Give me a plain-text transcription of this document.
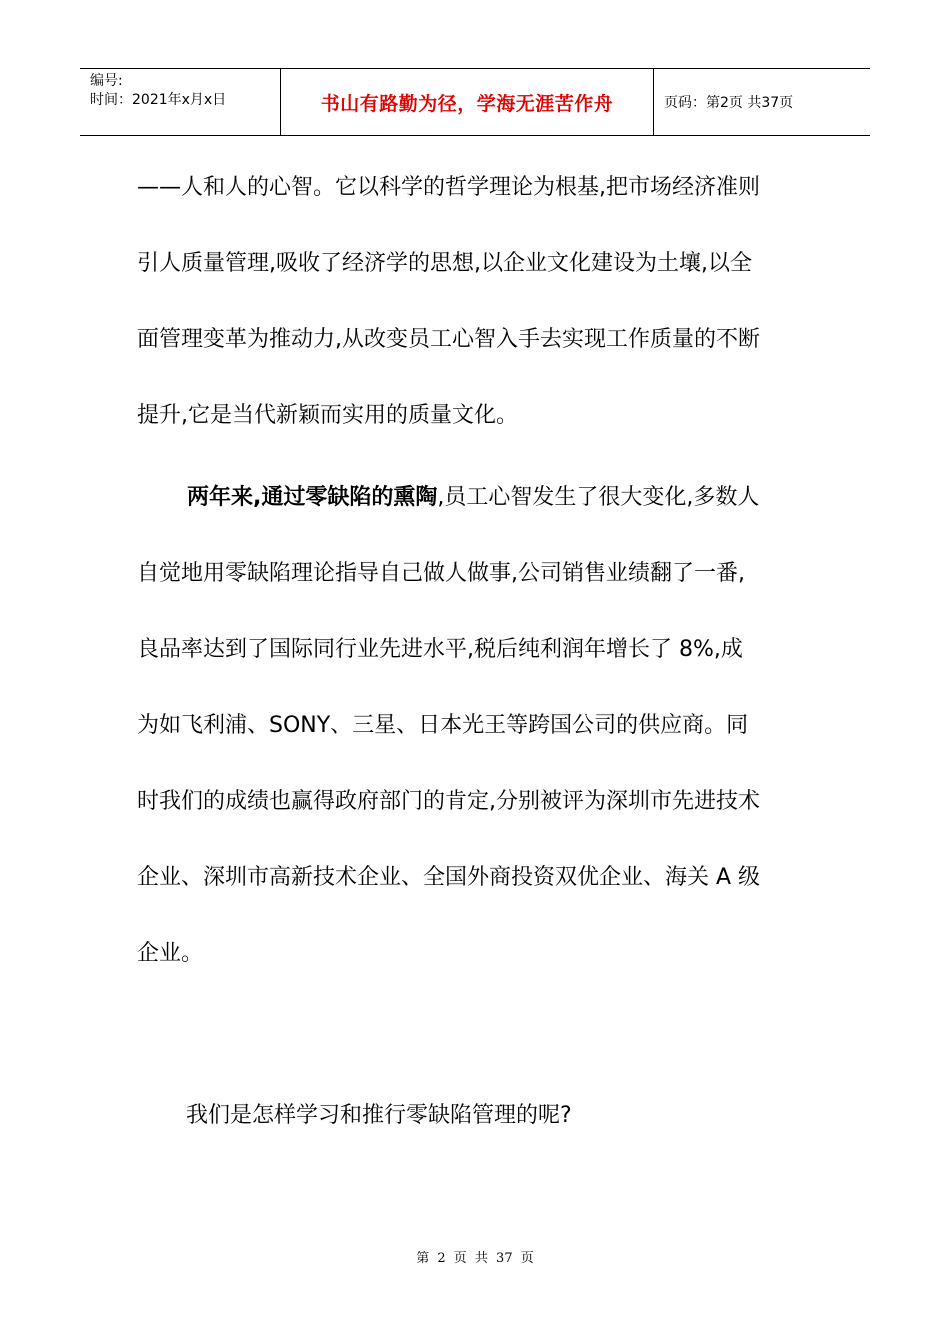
编号:
时间：2021年x月x日	书山有路勤为径，学海无涯苦作舟	页码：第2页 共37页
——人和人的心智。它以科学的哲学理论为根基,把市场经济准则
引人质量管理,吸收了经济学的思想,以企业文化建设为土壤,以全
面管理变革为推动力,从改变员工心智入手去实现工作质量的不断
提升,它是当代新颖而实用的质量文化。
两年来,通过零缺陷的熏陶,员工心智发生了很大变化,多数人
自觉地用零缺陷理论指导自己做人做事,公司销售业绩翻了一番,
良品率达到了国际同行业先进水平,税后纯利润年增长了 8%,成
为如飞利浦、SONY、三星、日本光王等跨国公司的供应商。同
时我们的成绩也赢得政府部门的肯定,分别被评为深圳市先进技术
企业、深圳市高新技术企业、全国外商投资双优企业、海关 A 级
企业。
我们是怎样学习和推行零缺陷管理的呢?
第 2 页 共 37 页
